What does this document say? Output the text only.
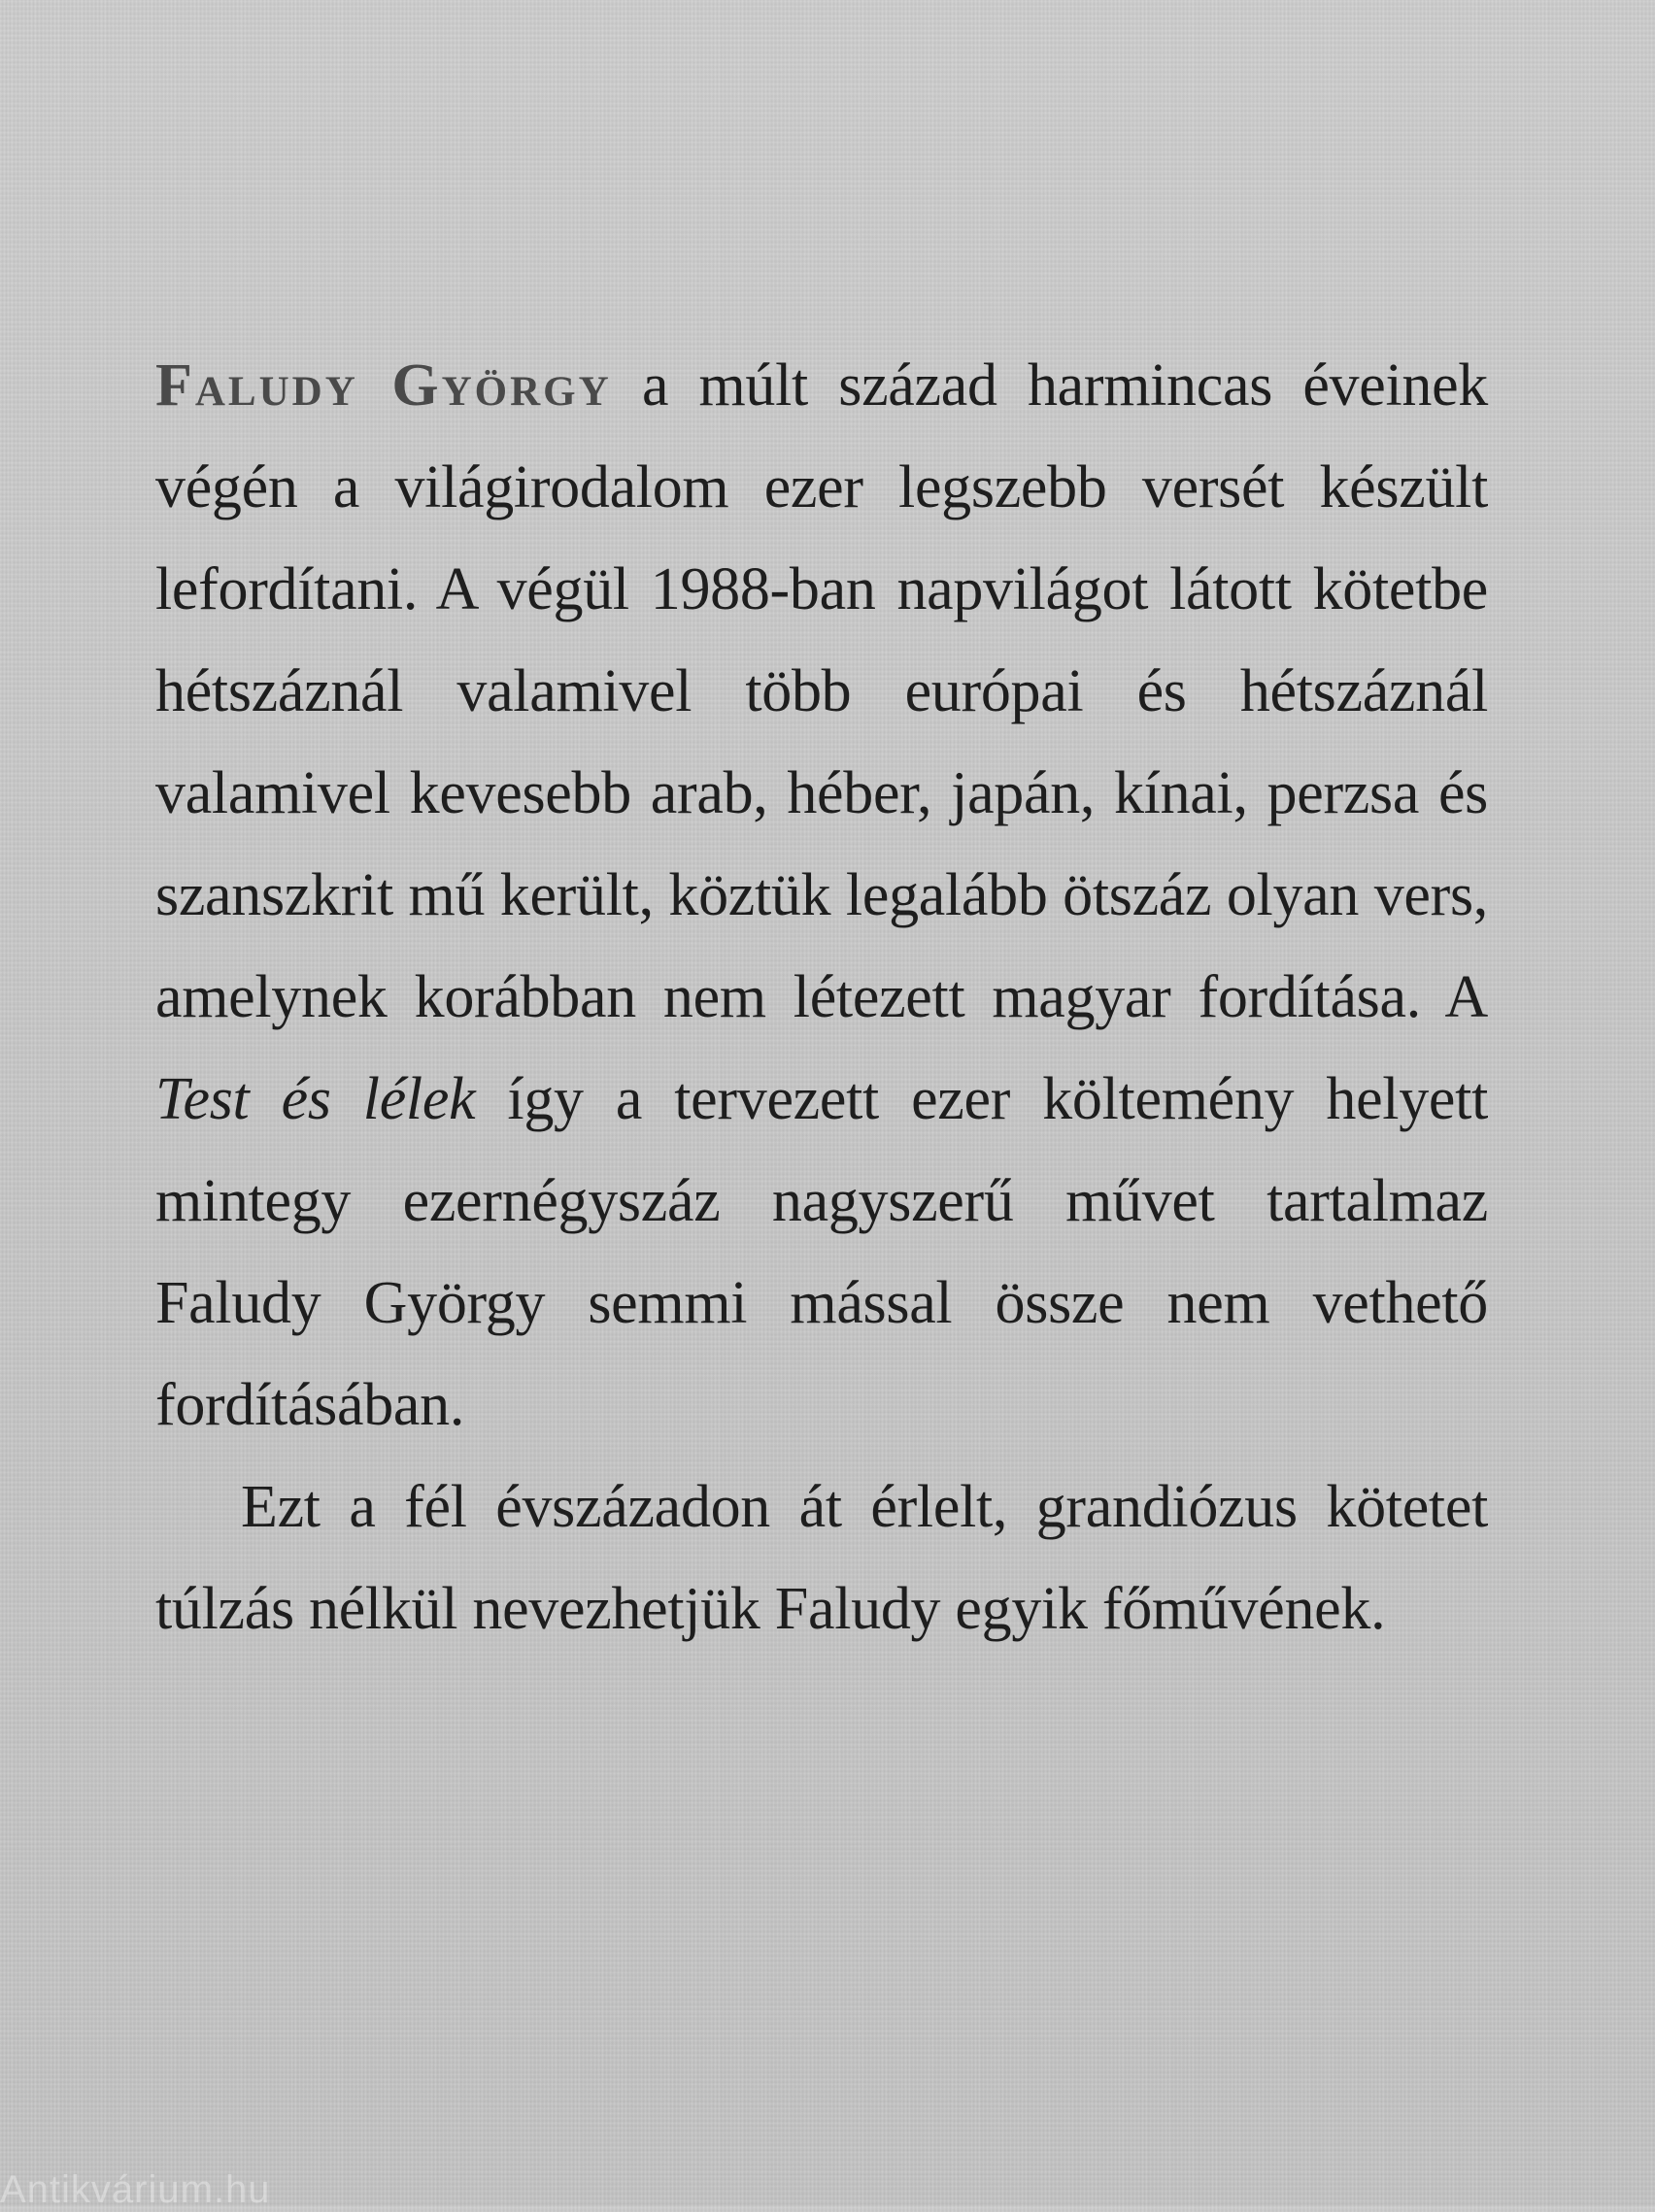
Faludy György a múlt század harmincas éveinek végén a világirodalom ezer legszebb versét készült lefordítani. A végül 1988-ban napvilágot látott kötetbe hétszáznál valamivel több európai és hétszáznál valamivel kevesebb arab, héber, japán, kínai, perzsa és szanszkrit mű került, köztük legalább ötszáz olyan vers, amelynek korábban nem létezett magyar fordítása. A Test és lélek így a tervezett ezer költemény helyett mintegy ezernégyszáz nagyszerű művet tartalmaz Faludy György semmi mással össze nem vethető fordításában.

Ezt a fél évszázadon át érlelt, grandiózus kötetet túlzás nélkül nevezhetjük Faludy egyik főművének.

Antikvárium.hu
